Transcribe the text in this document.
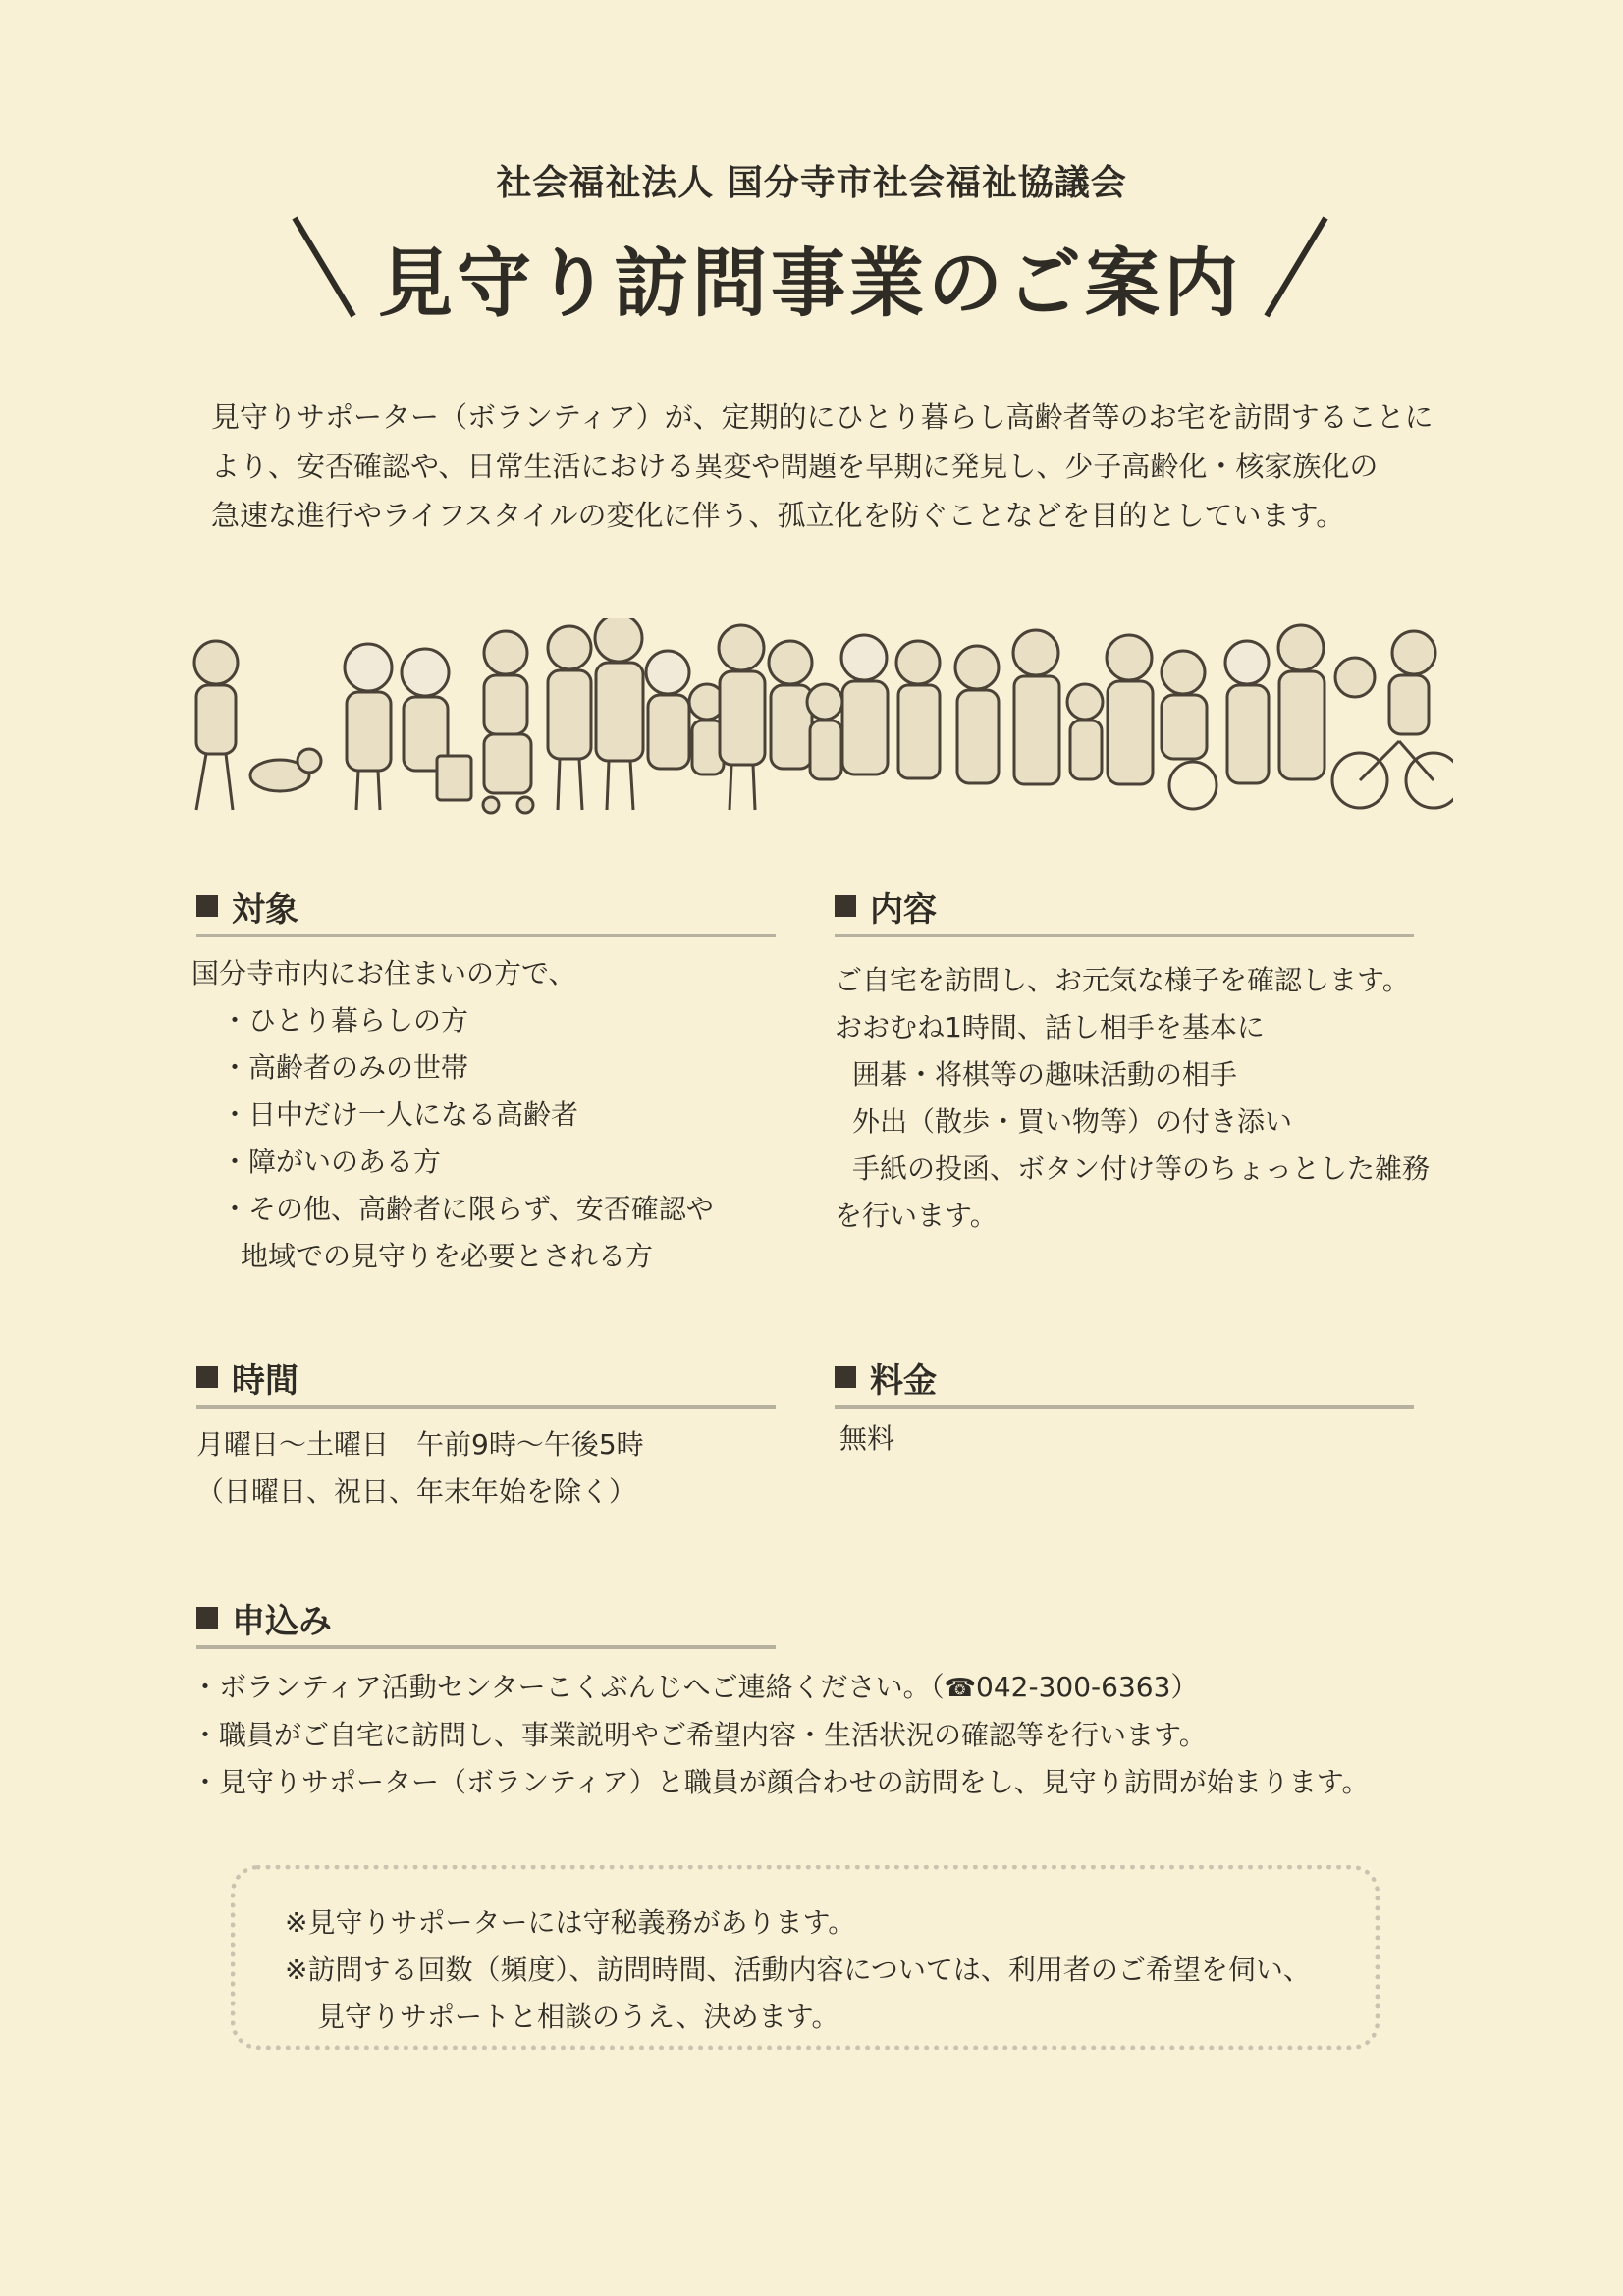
社会福祉法人 国分寺市社会福祉協議会
見守り訪問事業のご案内
見守りサポーター（ボランティア）が、定期的にひとり暮らし高齢者等のお宅を訪問することに
より、安否確認や、日常生活における異変や問題を早期に発見し、少子高齢化・核家族化の
急速な進行やライフスタイルの変化に伴う、孤立化を防ぐことなどを目的としています。
対象
国分寺市内にお住まいの方で、
・ひとり暮らしの方
・高齢者のみの世帯
・日中だけ一人になる高齢者
・障がいのある方
・その他、高齢者に限らず、安否確認や
地域での見守りを必要とされる方
内容
ご自宅を訪問し、お元気な様子を確認します。
おおむね1時間、話し相手を基本に
囲碁・将棋等の趣味活動の相手
外出（散歩・買い物等）の付き添い
手紙の投函、ボタン付け等のちょっとした雑務
を行います。
時間
月曜日～土曜日　午前9時～午後5時
（日曜日、祝日、年末年始を除く）
料金
無料
申込み
・ボランティア活動センターこくぶんじへご連絡ください。（☎042-300-6363）
・職員がご自宅に訪問し、事業説明やご希望内容・生活状況の確認等を行います。
・見守りサポーター（ボランティア）と職員が顔合わせの訪問をし、見守り訪問が始まります。
※見守りサポーターには守秘義務があります。
※訪問する回数（頻度）、訪問時間、活動内容については、利用者のご希望を伺い、
見守りサポートと相談のうえ、決めます。
